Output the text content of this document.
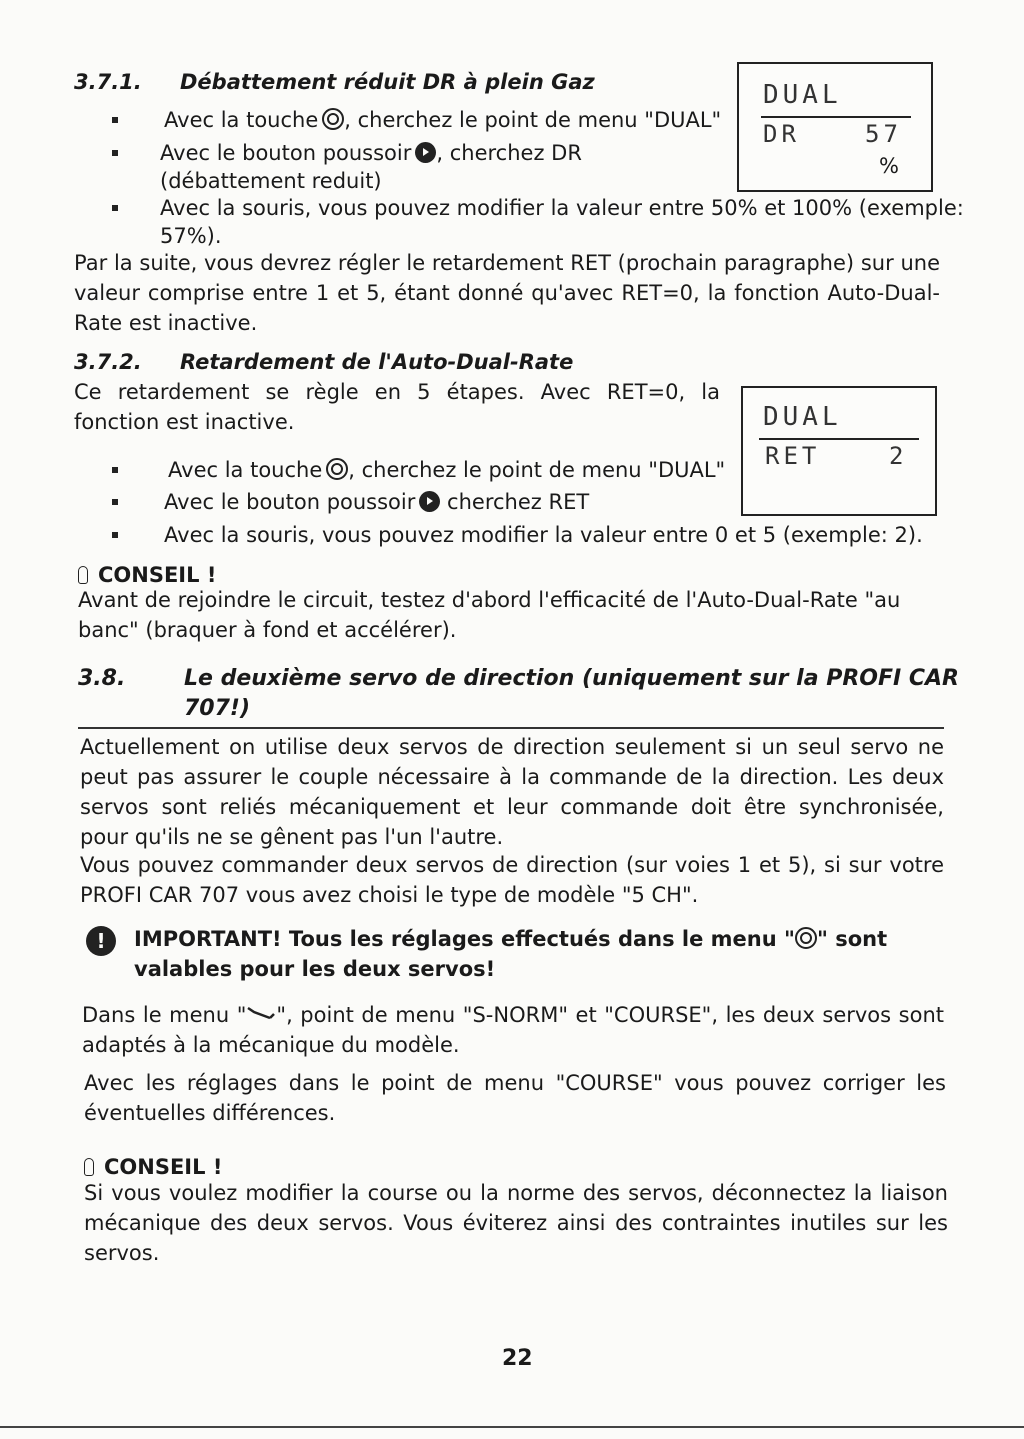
3.7.1. Débattement réduit DR à plein Gaz
Avec la touche , cherchez le point de menu "DUAL"
Avec le bouton poussoir , cherchez DR
(débattement reduit)
Avec la souris, vous pouvez modifier la valeur entre 50% et 100% (exemple:
57%).
DUAL
DR	57
%
Par la suite, vous devrez régler le retardement RET (prochain paragraphe) sur une valeur comprise entre 1 et 5, étant donné qu'avec RET=0, la fonction Auto-Dual-Rate est inactive.
3.7.2. Retardement de l'Auto-Dual-Rate
Ce retardement se règle en 5 étapes. Avec RET=0, la fonction est inactive.
Avec la touche , cherchez le point de menu "DUAL"
Avec le bouton poussoir cherchez RET
Avec la souris, vous pouvez modifier la valeur entre 0 et 5 (exemple: 2).
DUAL
RET	2
CONSEIL !
Avant de rejoindre le circuit, testez d'abord l'efficacité de l'Auto-Dual-Rate "au banc" (braquer à fond et accélérer).
3.8.	Le deuxième servo de direction (uniquement sur la PROFI CAR
707!)
Actuellement on utilise deux servos de direction seulement si un seul servo ne peut pas assurer le couple nécessaire à la commande de la direction. Les deux servos sont reliés mécaniquement et leur commande doit être synchronisée, pour qu'ils ne se gênent pas l'un l'autre.
Vous pouvez commander deux servos de direction (sur voies 1 et 5), si sur votre PROFI CAR 707 vous avez choisi le type de modèle "5 CH".
!	IMPORTANT! Tous les réglages effectués dans le menu " " sont valables pour les deux servos!
Dans le menu " ", point de menu "S-NORM" et "COURSE", les deux servos sont adaptés à la mécanique du modèle.
Avec les réglages dans le point de menu "COURSE" vous pouvez corriger les éventuelles différences.
CONSEIL !
Si vous voulez modifier la course ou la norme des servos, déconnectez la liaison mécanique des deux servos. Vous éviterez ainsi des contraintes inutiles sur les servos.
22
